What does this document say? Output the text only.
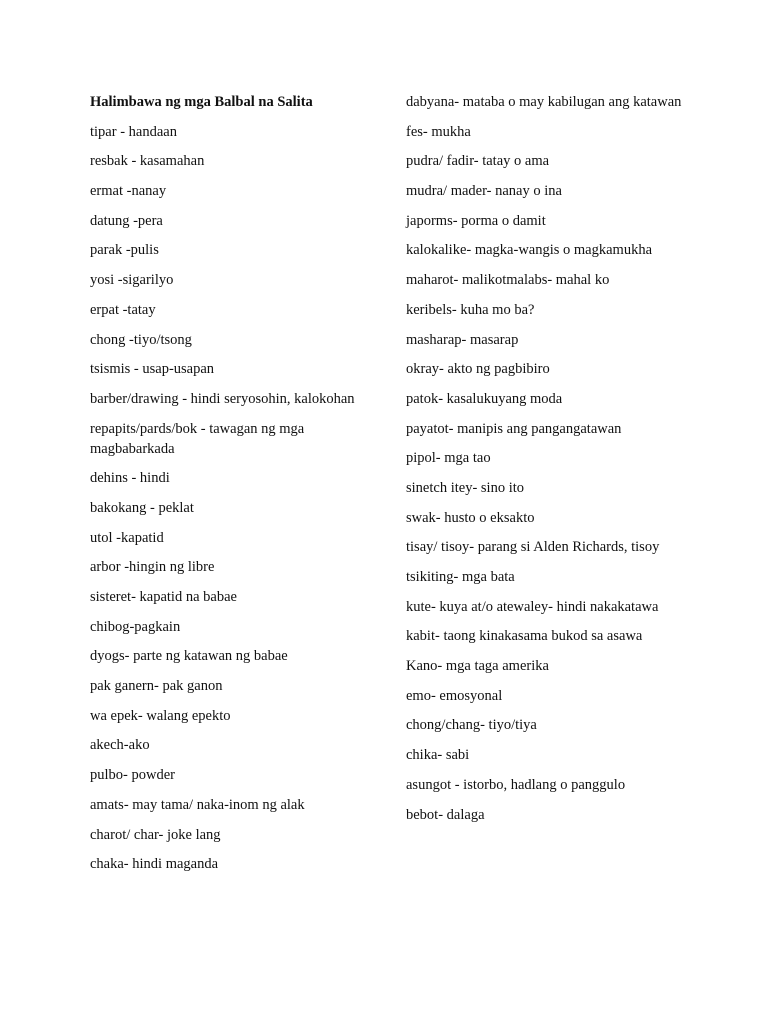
Halimbawa ng mga Balbal na Salita
tipar - handaan
resbak - kasamahan
ermat -nanay
datung -pera
parak -pulis
yosi -sigarilyo
erpat -tatay
chong -tiyo/tsong
tsismis - usap-usapan
barber/drawing - hindi seryosohin, kalokohan
repapits/pards/bok - tawagan ng mga magbabarkada
dehins - hindi
bakokang - peklat
utol -kapatid
arbor -hingin ng libre
sisteret- kapatid na babae
chibog-pagkain
dyogs- parte ng katawan ng babae
pak ganern- pak ganon
wa epek- walang epekto
akech-ako
pulbo- powder
amats- may tama/ naka-inom ng alak
charot/ char- joke lang
chaka- hindi maganda
dabyana- mataba o may kabilugan ang katawan
fes- mukha
pudra/ fadir- tatay o ama
mudra/ mader- nanay o ina
japorms- porma o damit
kalokalike- magka-wangis o magkamukha
maharot- malikotmalabs- mahal ko
keribels- kuha mo ba?
masharap- masarap
okray- akto ng pagbibiro
patok- kasalukuyang moda
payatot- manipis ang pangangatawan
pipol- mga tao
sinetch itey- sino ito
swak- husto o eksakto
tisay/ tisoy- parang si Alden Richards, tisoy
tsikiting- mga bata
kute- kuya at/o atewaley- hindi nakakatawa
kabit- taong kinakasama bukod sa asawa
Kano- mga taga amerika
emo- emosyonal
chong/chang- tiyo/tiya
chika- sabi
asungot - istorbo, hadlang o panggulo
bebot- dalaga
